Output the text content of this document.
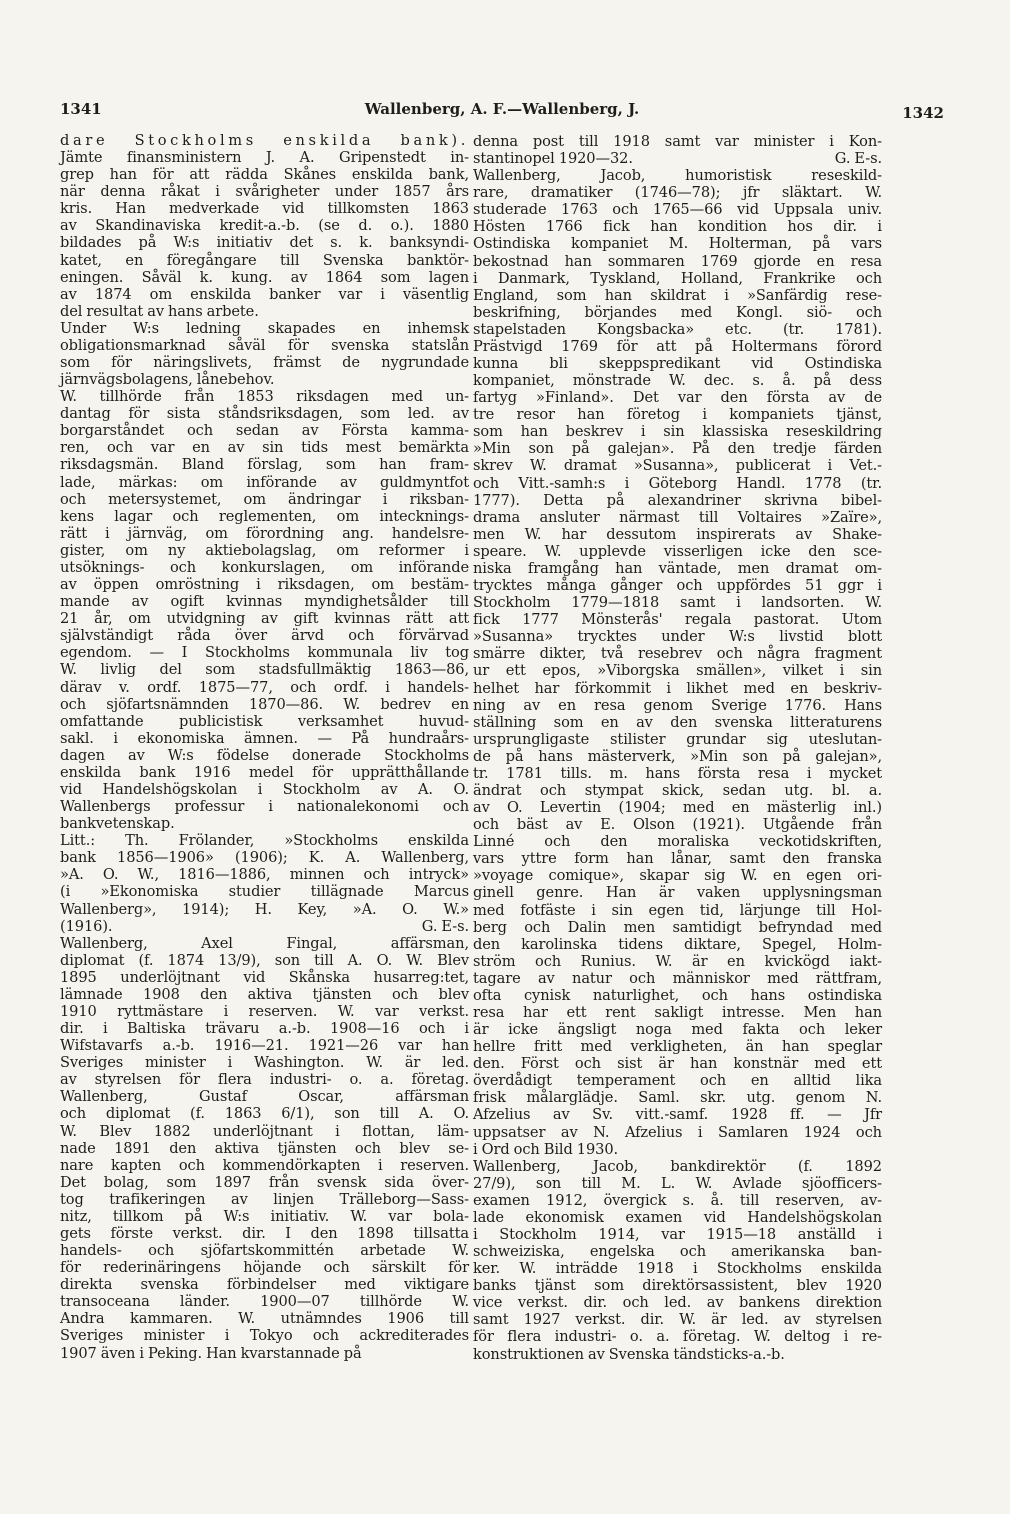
1341	Wallenberg, A. F.—Wallenberg, J.	1342
dare Stockholms enskilda bank).
Jämte finansministern J. A. Gripenstedt in-
grep han för att rädda Skånes enskilda bank,
när denna råkat i svårigheter under 1857 års
kris. Han medverkade vid tillkomsten 1863
av Skandinaviska kredit-a.-b. (se d. o.). 1880
bildades på W:s initiativ det s. k. banksyndi-
katet, en föregångare till Svenska banktör-
eningen. Såväl k. kung. av 1864 som lagen
av 1874 om enskilda banker var i väsentlig
del resultat av hans arbete.
Under W:s ledning skapades en inhemsk
obligationsmarknad såväl för svenska statslån
som för näringslivets, främst de nygrundade
järnvägsbolagens, lånebehov.
W. tillhörde från 1853 riksdagen med un-
dantag för sista ståndsriksdagen, som led. av
borgarståndet och sedan av Första kamma-
ren, och var en av sin tids mest bemärkta
riksdagsmän. Bland förslag, som han fram-
lade, märkas: om införande av guldmyntfot
och metersystemet, om ändringar i riksban-
kens lagar och reglementen, om intecknings-
rätt i järnväg, om förordning ang. handelsre-
gister, om ny aktiebolagslag, om reformer i
utsöknings- och konkurslagen, om införande
av öppen omröstning i riksdagen, om bestäm-
mande av ogift kvinnas myndighetsålder till
21 år, om utvidgning av gift kvinnas rätt att
självständigt råda över ärvd och förvärvad
egendom. — I Stockholms kommunala liv tog
W. livlig del som stadsfullmäktig 1863—86,
därav v. ordf. 1875—77, och ordf. i handels-
och sjöfartsnämnden 1870—86. W. bedrev en
omfattande publicistisk verksamhet huvud-
sakl. i ekonomiska ämnen. — På hundraårs-
dagen av W:s födelse donerade Stockholms
enskilda bank 1916 medel för upprätthållande
vid Handelshögskolan i Stockholm av A. O.
Wallenbergs professur i nationalekonomi och
bankvetenskap.
Litt.: Th. Frölander, »Stockholms enskilda
bank 1856—1906» (1906); K. A. Wallenberg,
»A. O. W., 1816—1886, minnen och intryck»
(i »Ekonomiska studier tillägnade Marcus
Wallenberg», 1914); H. Key, »A. O. W.»
(1916).	G. E-s.
Wallenberg, Axel Fingal, affärsman,
diplomat (f. 1874 13/9), son till A. O. W. Blev
1895 underlöjtnant vid Skånska husarreg:tet,
lämnade 1908 den aktiva tjänsten och blev
1910 ryttmästare i reserven. W. var verkst.
dir. i Baltiska trävaru a.-b. 1908—16 och i
Wifstavarfs a.-b. 1916—21. 1921—26 var han
Sveriges minister i Washington. W. är led.
av styrelsen för flera industri- o. a. företag.
Wallenberg, Gustaf Oscar, affärsman
och diplomat (f. 1863 6/1), son till A. O.
W. Blev 1882 underlöjtnant i flottan, läm-
nade 1891 den aktiva tjänsten och blev se-
nare kapten och kommendörkapten i reserven.
Det bolag, som 1897 från svensk sida över-
tog trafikeringen av linjen Trälleborg—Sass-
nitz, tillkom på W:s initiativ. W. var bola-
gets förste verkst. dir. I den 1898 tillsatta
handels- och sjöfartskommittén arbetade W.
för rederinäringens höjande och särskilt för
direkta svenska förbindelser med viktigare
transoceana länder. 1900—07 tillhörde W.
Andra kammaren. W. utnämndes 1906 till
Sveriges minister i Tokyo och ackrediterades
1907 även i Peking. Han kvarstannade på
denna post till 1918 samt var minister i Kon-
stantinopel 1920—32.	G. E-s.
Wallenberg, Jacob, humoristisk reseskild-
rare, dramatiker (1746—78); jfr släktart. W.
studerade 1763 och 1765—66 vid Uppsala univ.
Hösten 1766 fick han kondition hos dir. i
Ostindiska kompaniet M. Holterman, på vars
bekostnad han sommaren 1769 gjorde en resa
i Danmark, Tyskland, Holland, Frankrike och
England, som han skildrat i »Sanfärdig rese-
beskrifning, börjandes med Kongl. siö- och
stapelstaden Kongsbacka» etc. (tr. 1781).
Prästvigd 1769 för att på Holtermans förord
kunna bli skeppspredikant vid Ostindiska
kompaniet, mönstrade W. dec. s. å. på dess
fartyg »Finland». Det var den första av de
tre resor han företog i kompaniets tjänst,
som han beskrev i sin klassiska reseskildring
»Min son på galejan». På den tredje färden
skrev W. dramat »Susanna», publicerat i Vet.-
och Vitt.-samh:s i Göteborg Handl. 1778 (tr.
1777). Detta på alexandriner skrivna bibel-
drama ansluter närmast till Voltaires »Zaïre»,
men W. har dessutom inspirerats av Shake-
speare. W. upplevde visserligen icke den sce-
niska framgång han väntade, men dramat om-
trycktes många gånger och uppfördes 51 ggr i
Stockholm 1779—1818 samt i landsorten. W.
fick 1777 Mönsterås' regala pastorat. Utom
»Susanna» trycktes under W:s livstid blott
smärre dikter, två resebrev och några fragment
ur ett epos, »Viborgska smällen», vilket i sin
helhet har förkommit i likhet med en beskriv-
ning av en resa genom Sverige 1776. Hans
ställning som en av den svenska litteraturens
ursprungligaste stilister grundar sig uteslutan-
de på hans mästerverk, »Min son på galejan»,
tr. 1781 tills. m. hans första resa i mycket
ändrat och stympat skick, sedan utg. bl. a.
av O. Levertin (1904; med en mästerlig inl.)
och bäst av E. Olson (1921). Utgående från
Linné och den moraliska veckotidskriften,
vars yttre form han lånar, samt den franska
»voyage comique», skapar sig W. en egen ori-
ginell genre. Han är vaken upplysningsman
med fotfäste i sin egen tid, lärjunge till Hol-
berg och Dalin men samtidigt befryndad med
den karolinska tidens diktare, Spegel, Holm-
ström och Runius. W. är en kvickögd iakt-
tagare av natur och människor med rättfram,
ofta cynisk naturlighet, och hans ostindiska
resa har ett rent sakligt intresse. Men han
är icke ängsligt noga med fakta och leker
hellre fritt med verkligheten, än han speglar
den. Först och sist är han konstnär med ett
överdådigt temperament och en alltid lika
frisk målarglädje. Saml. skr. utg. genom N.
Afzelius av Sv. vitt.-samf. 1928 ff. — Jfr
uppsatser av N. Afzelius i Samlaren 1924 och
i Ord och Bild 1930.
Wallenberg, Jacob, bankdirektör (f. 1892
27/9), son till M. L. W. Avlade sjöofficers-
examen 1912, övergick s. å. till reserven, av-
lade ekonomisk examen vid Handelshögskolan
i Stockholm 1914, var 1915—18 anställd i
schweiziska, engelska och amerikanska ban-
ker. W. inträdde 1918 i Stockholms enskilda
banks tjänst som direktörsassistent, blev 1920
vice verkst. dir. och led. av bankens direktion
samt 1927 verkst. dir. W. är led. av styrelsen
för flera industri- o. a. företag. W. deltog i re-
konstruktionen av Svenska tändsticks-a.-b.
